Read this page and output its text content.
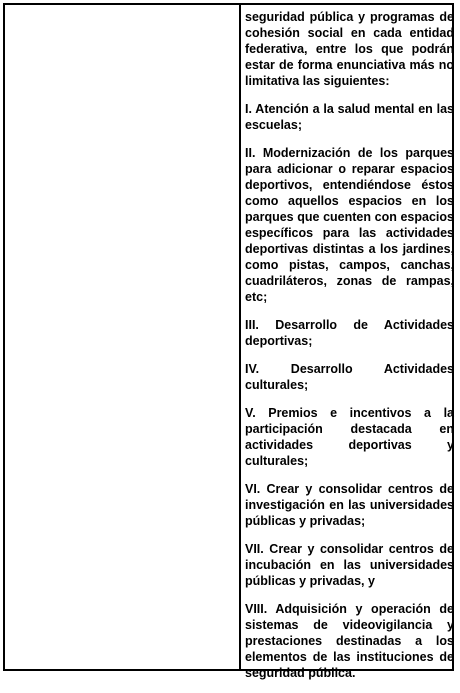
seguridad pública y programas de cohesión social en cada entidad federativa, entre los que podrán estar de forma enunciativa más no limitativa las siguientes:

I. Atención a la salud mental en las escuelas;

II. Modernización de los parques para adicionar o reparar espacios deportivos, entendiéndose éstos como aquellos espacios en los parques que cuenten con espacios específicos para las actividades deportivas distintas a los jardines, como pistas, campos, canchas, cuadriláteros, zonas de rampas, etc;

III. Desarrollo de Actividades deportivas;

IV. Desarrollo Actividades culturales;

V. Premios e incentivos a la participación destacada en actividades deportivas y culturales;

VI. Crear y consolidar centros de investigación en las universidades públicas y privadas;

VII. Crear y consolidar centros de incubación en las universidades públicas y privadas, y

VIII. Adquisición y operación de sistemas de videovigilancia y prestaciones destinadas a los elementos de las instituciones de seguridad pública.
